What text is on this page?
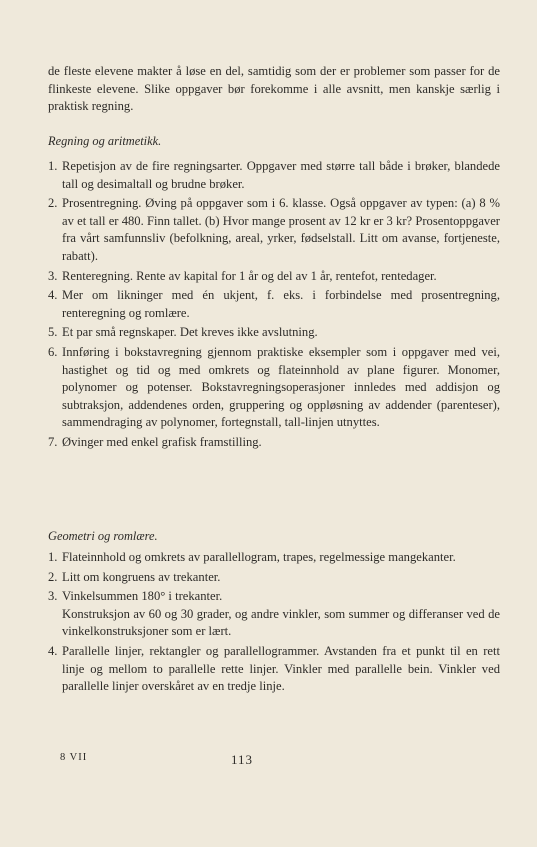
de fleste elevene makter å løse en del, samtidig som der er problemer som passer for de flinkeste elevene. Slike oppgaver bør forekomme i alle avsnitt, men kanskje særlig i praktisk regning.

Regning og aritmetikk.

1. Repetisjon av de fire regningsarter. Oppgaver med større tall både i brøker, blandede tall og desimaltall og brudne brøker.
2. Prosentregning. Øving på oppgaver som i 6. klasse. Også oppgaver av typen: (a) 8 % av et tall er 480. Finn tallet. (b) Hvor mange prosent av 12 kr er 3 kr? Prosentoppgaver fra vårt samfunnsliv (befolkning, areal, yrker, fødselstall. Litt om avanse, fortjeneste, rabatt).
3. Renteregning. Rente av kapital for 1 år og del av 1 år, rentefot, rentedager.
4. Mer om likninger med én ukjent, f. eks. i forbindelse med prosentregning, renteregning og romlære.
5. Et par små regnskaper. Det kreves ikke avslutning.
6. Innføring i bokstavregning gjennom praktiske eksempler som i oppgaver med vei, hastighet og tid og med omkrets og flateinnhold av plane figurer. Monomer, polynomer og potenser. Bokstavregningsoperasjoner innledes med addisjon og subtraksjon, addendenes orden, gruppering og oppløsning av addender (parenteser), sammendraging av polynomer, fortegnstall, tall-linjen utnyttes.
7. Øvinger med enkel grafisk framstilling.

Geometri og romlære.

1. Flateinnhold og omkrets av parallellogram, trapes, regelmessige mangekanter.
2. Litt om kongruens av trekanter.
3. Vinkelsummen 180° i trekanter.
Konstruksjon av 60 og 30 grader, og andre vinkler, som summer og differanser ved de vinkelkonstruksjoner som er lært.
4. Parallelle linjer, rektangler og parallellogrammer. Avstanden fra et punkt til en rett linje og mellom to parallelle rette linjer. Vinkler med parallelle bein. Vinkler ved parallelle linjer overskåret av en tredje linje.
8 VII	113
